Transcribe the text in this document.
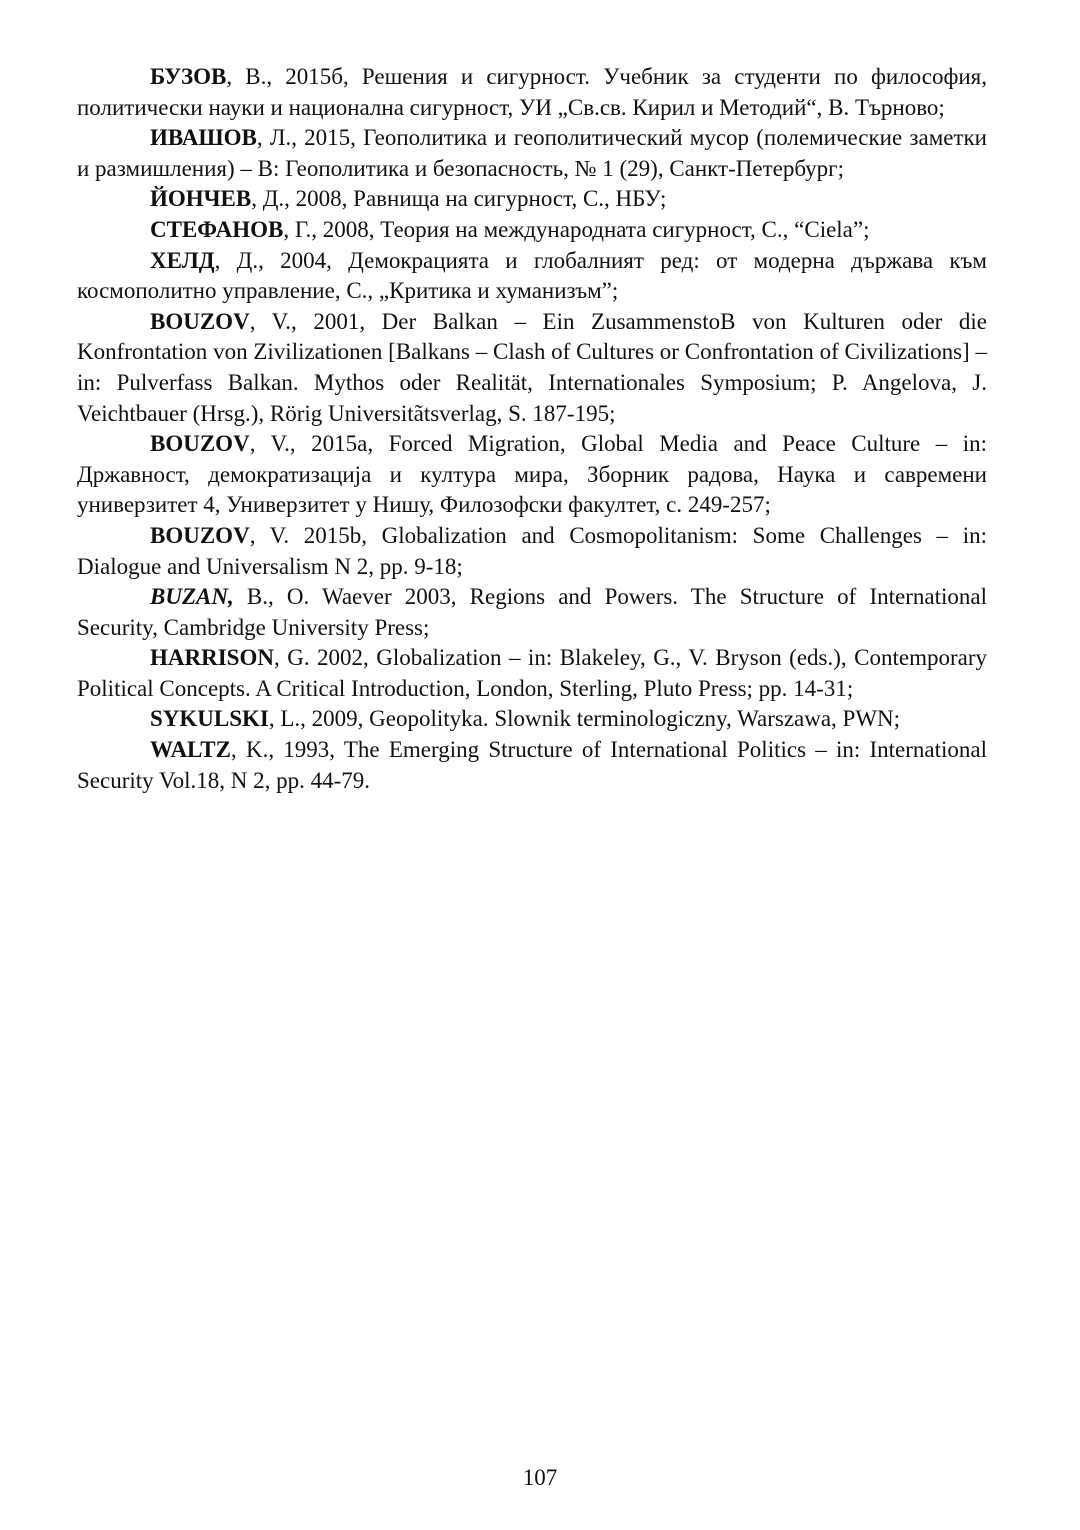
БУЗОВ, В., 2015б, Решения и сигурност. Учебник за студенти по философия, политически науки и национална сигурност, УИ „Св.св. Кирил и Методий“, В. Търново;

ИВАШОВ, Л., 2015, Геополитика и геополитический мусор (полемические заметки и размишления) – В: Геополитика и безопасность, № 1 (29), Санкт-Петербург;

ЙОНЧЕВ, Д., 2008, Равнища на сигурност, С., НБУ;

СТЕФАНОВ, Г., 2008, Теория на международната сигурност, С., “Ciela”;

ХЕЛД, Д., 2004, Демокрацията и глобалният ред: от модерна държава към космополитно управление, С., „Критика и хуманизъм”;

BOUZOV, V., 2001, Der Balkan – Ein ZusammenstoB von Kulturen oder die Konfrontation von Zivilizationen [Balkans – Clash of Cultures or Confrontation of Civilizations] – in: Pulverfass Balkan. Mythos oder Realität, Internationales Symposium; P. Angelova, J. Veichtbauer (Hrsg.), Rörig Universitãtsverlag, S. 187-195;

BOUZOV, V., 2015a, Forced Migration, Global Media and Peace Culture – in: Државност, демократизација и култура мира, Зборник радова, Наука и савремени универзитет 4, Универзитет у Нишу, Филозофски факултет, с. 249-257;

BOUZOV, V. 2015b, Globalization and Cosmopolitanism: Some Challenges – in: Dialogue and Universalism N 2, pp. 9-18;

BUZAN, B., O. Waever 2003, Regions and Powers. The Structure of International Security, Cambridge University Press;

HARRISON, G. 2002, Globalization – in: Blakeley, G., V. Bryson (eds.), Contemporary Political Concepts. A Critical Introduction, London, Sterling, Pluto Press; pp. 14-31;

SYKULSKI, L., 2009, Geopolityka. Slownik terminologiczny, Warszawa, PWN;

WALTZ, K., 1993, The Emerging Structure of International Politics – in: International Security Vol.18, N 2, pp. 44-79.

107
